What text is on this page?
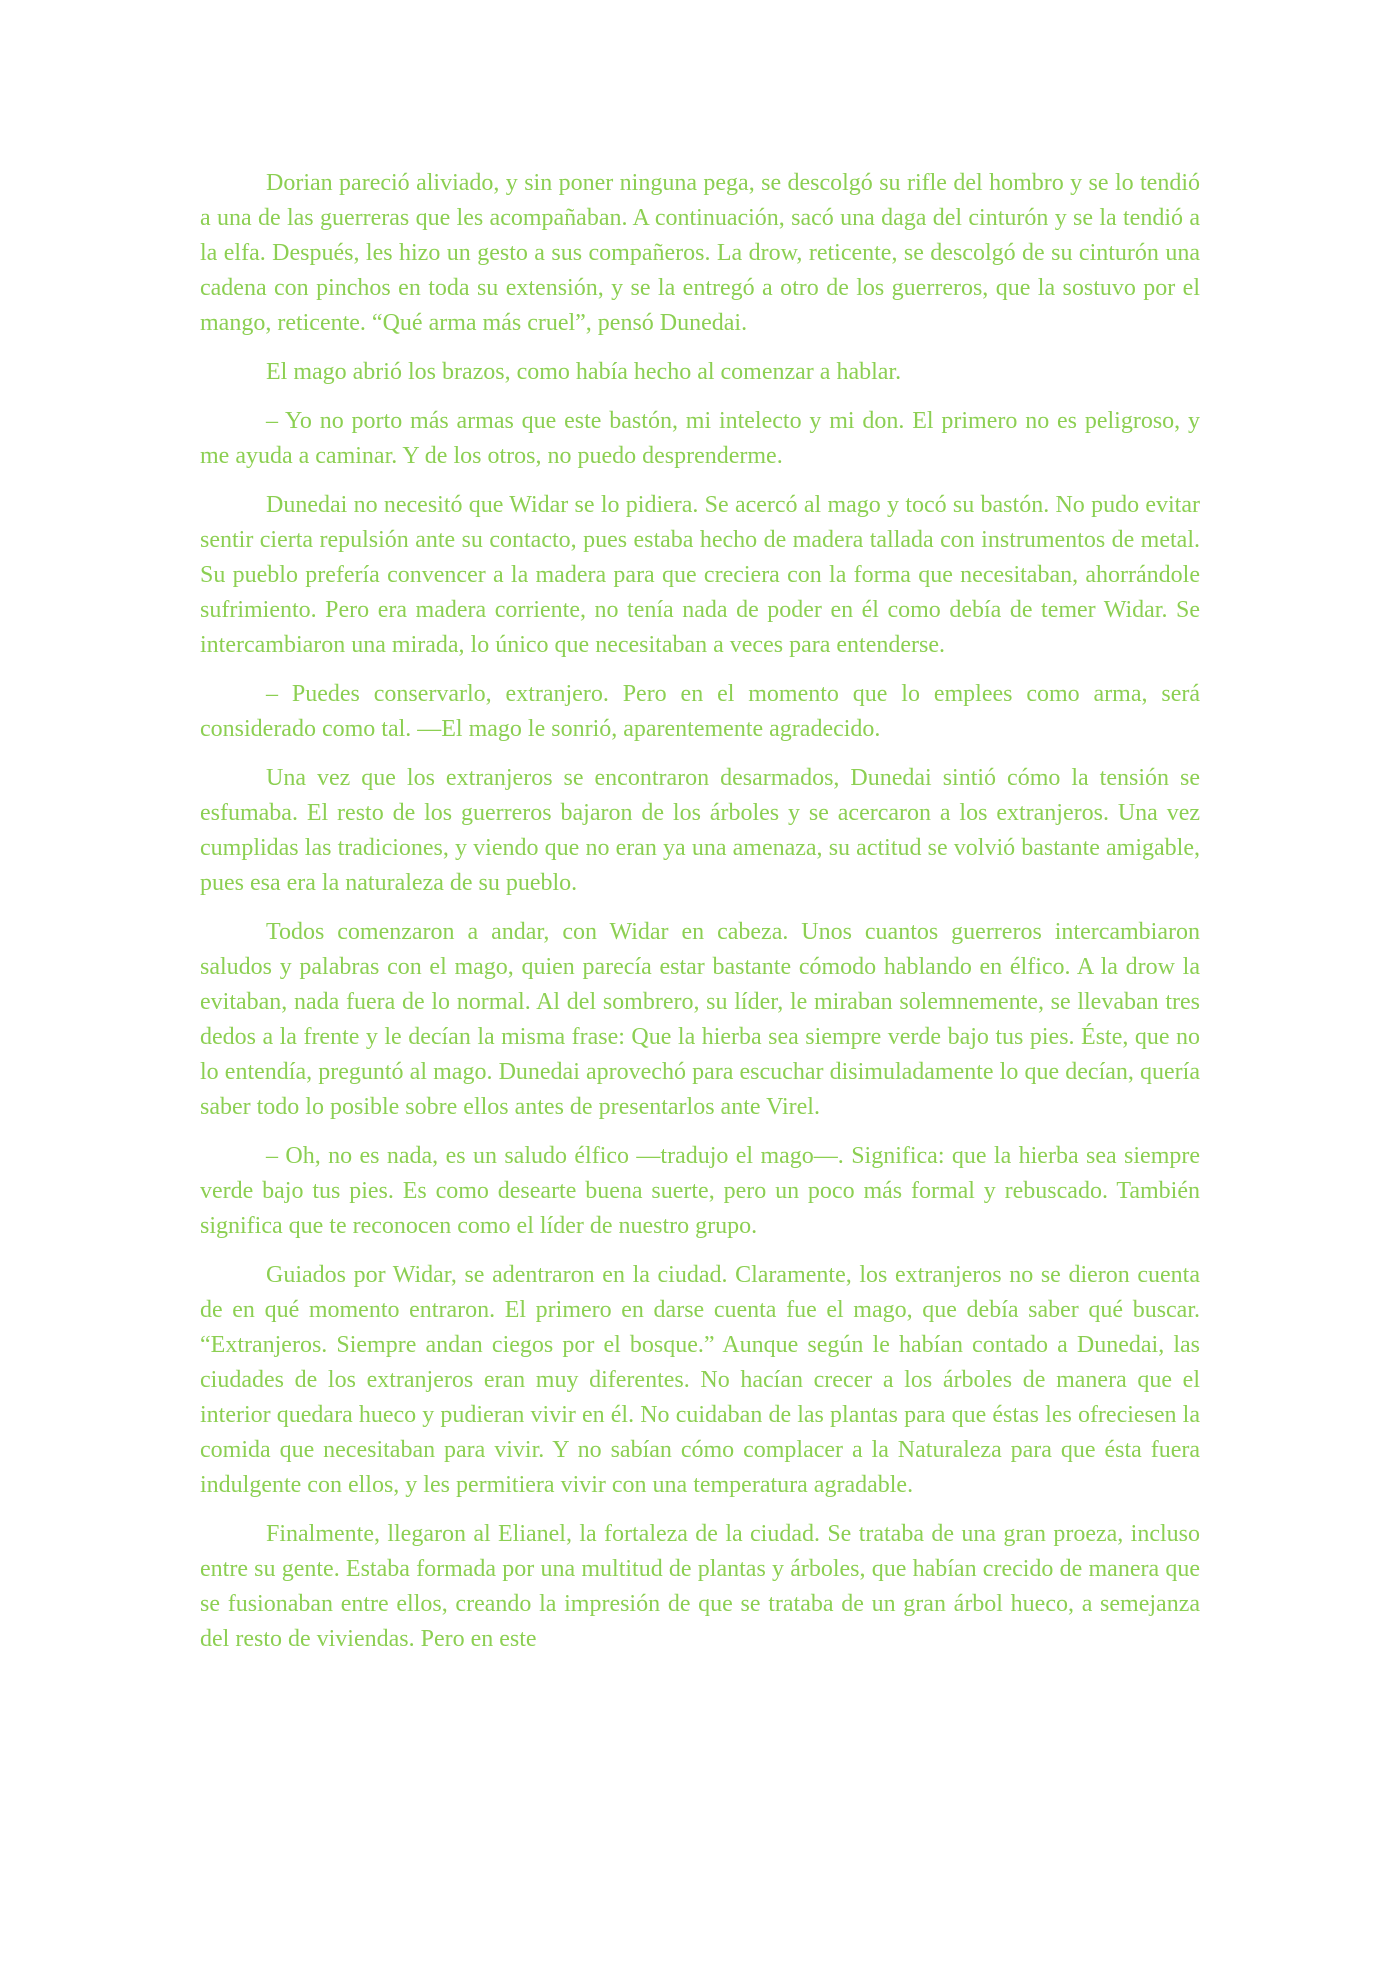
Dorian pareció aliviado, y sin poner ninguna pega, se descolgó su rifle del hombro y se lo tendió a una de las guerreras que les acompañaban. A continuación, sacó una daga del cinturón y se la tendió a la elfa. Después, les hizo un gesto a sus compañeros. La drow, reticente, se descolgó de su cinturón una cadena con pinchos en toda su extensión, y se la entregó a otro de los guerreros, que la sostuvo por el mango, reticente. “Qué arma más cruel”, pensó Dunedai.

El mago abrió los brazos, como había hecho al comenzar a hablar.

– Yo no porto más armas que este bastón, mi intelecto y mi don. El primero no es peligroso, y me ayuda a caminar. Y de los otros, no puedo desprenderme.

Dunedai no necesitó que Widar se lo pidiera. Se acercó al mago y tocó su bastón. No pudo evitar sentir cierta repulsión ante su contacto, pues estaba hecho de madera tallada con instrumentos de metal. Su pueblo prefería convencer a la madera para que creciera con la forma que necesitaban, ahorrándole sufrimiento. Pero era madera corriente, no tenía nada de poder en él como debía de temer Widar. Se intercambiaron una mirada, lo único que necesitaban a veces para entenderse.

– Puedes conservarlo, extranjero. Pero en el momento que lo emplees como arma, será considerado como tal. —El mago le sonrió, aparentemente agradecido.

Una vez que los extranjeros se encontraron desarmados, Dunedai sintió cómo la tensión se esfumaba. El resto de los guerreros bajaron de los árboles y se acercaron a los extranjeros. Una vez cumplidas las tradiciones, y viendo que no eran ya una amenaza, su actitud se volvió bastante amigable, pues esa era la naturaleza de su pueblo.

Todos comenzaron a andar, con Widar en cabeza. Unos cuantos guerreros intercambiaron saludos y palabras con el mago, quien parecía estar bastante cómodo hablando en élfico. A la drow la evitaban, nada fuera de lo normal. Al del sombrero, su líder, le miraban solemnemente, se llevaban tres dedos a la frente y le decían la misma frase: Que la hierba sea siempre verde bajo tus pies. Éste, que no lo entendía, preguntó al mago. Dunedai aprovechó para escuchar disimuladamente lo que decían, quería saber todo lo posible sobre ellos antes de presentarlos ante Virel.

– Oh, no es nada, es un saludo élfico —tradujo el mago—. Significa: que la hierba sea siempre verde bajo tus pies. Es como desearte buena suerte, pero un poco más formal y rebuscado. También significa que te reconocen como el líder de nuestro grupo.

Guiados por Widar, se adentraron en la ciudad. Claramente, los extranjeros no se dieron cuenta de en qué momento entraron. El primero en darse cuenta fue el mago, que debía saber qué buscar. “Extranjeros. Siempre andan ciegos por el bosque.” Aunque según le habían contado a Dunedai, las ciudades de los extranjeros eran muy diferentes. No hacían crecer a los árboles de manera que el interior quedara hueco y pudieran vivir en él. No cuidaban de las plantas para que éstas les ofreciesen la comida que necesitaban para vivir. Y no sabían cómo complacer a la Naturaleza para que ésta fuera indulgente con ellos, y les permitiera vivir con una temperatura agradable.

Finalmente, llegaron al Elianel, la fortaleza de la ciudad. Se trataba de una gran proeza, incluso entre su gente. Estaba formada por una multitud de plantas y árboles, que habían crecido de manera que se fusionaban entre ellos, creando la impresión de que se trataba de un gran árbol hueco, a semejanza del resto de viviendas. Pero en este
